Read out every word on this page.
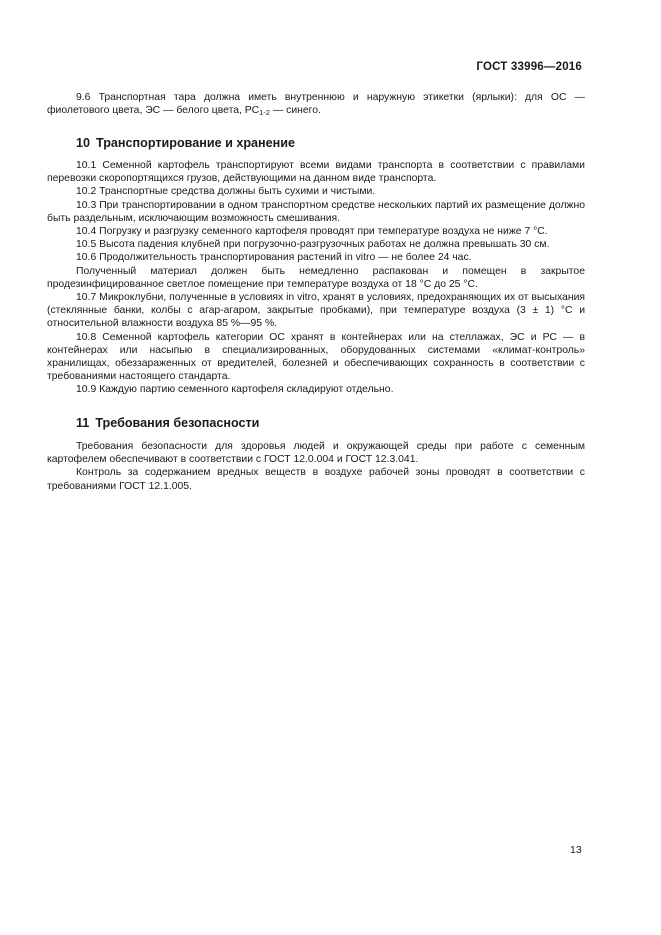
ГОСТ 33996—2016

9.6 Транспортная тара должна иметь внутреннюю и наружную этикетки (ярлыки): для ОС — фиолетового цвета, ЭС — белого цвета, $РС_{1-2}$ — синего.

10 Транспортирование и хранение

10.1 Семенной картофель транспортируют всеми видами транспорта в соответствии с правилами перевозки скоропортящихся грузов, действующими на данном виде транспорта.

10.2 Транспортные средства должны быть сухими и чистыми.

10.3 При транспортировании в одном транспортном средстве нескольких партий их размещение должно быть раздельным, исключающим возможность смешивания.

10.4 Погрузку и разгрузку семенного картофеля проводят при температуре воздуха не ниже 7 °С.

10.5 Высота падения клубней при погрузочно-разгрузочных работах не должна превышать 30 см.

10.6 Продолжительность транспортирования растений in vitro — не более 24 час.

Полученный материал должен быть немедленно распакован и помещен в закрытое продезинфицированное светлое помещение при температуре воздуха от 18 °С до 25 °С.

10.7 Микроклубни, полученные в условиях in vitro, хранят в условиях, предохраняющих их от высыхания (стеклянные банки, колбы с агар-агаром, закрытые пробками), при температуре воздуха (3 ± 1) °С и относительной влажности воздуха 85 %—95 %.

10.8 Семенной картофель категории ОС хранят в контейнерах или на стеллажах, ЭС и РС — в контейнерах или насыпью в специализированных, оборудованных системами «климат-контроль» хранилищах, обеззараженных от вредителей, болезней и обеспечивающих сохранность в соответствии с требованиями настоящего стандарта.

10.9 Каждую партию семенного картофеля складируют отдельно.

11 Требования безопасности

Требования безопасности для здоровья людей и окружающей среды при работе с семенным картофелем обеспечивают в соответствии с ГОСТ 12.0.004 и ГОСТ 12.3.041.

Контроль за содержанием вредных веществ в воздухе рабочей зоны проводят в соответствии с требованиями ГОСТ 12.1.005.

13
